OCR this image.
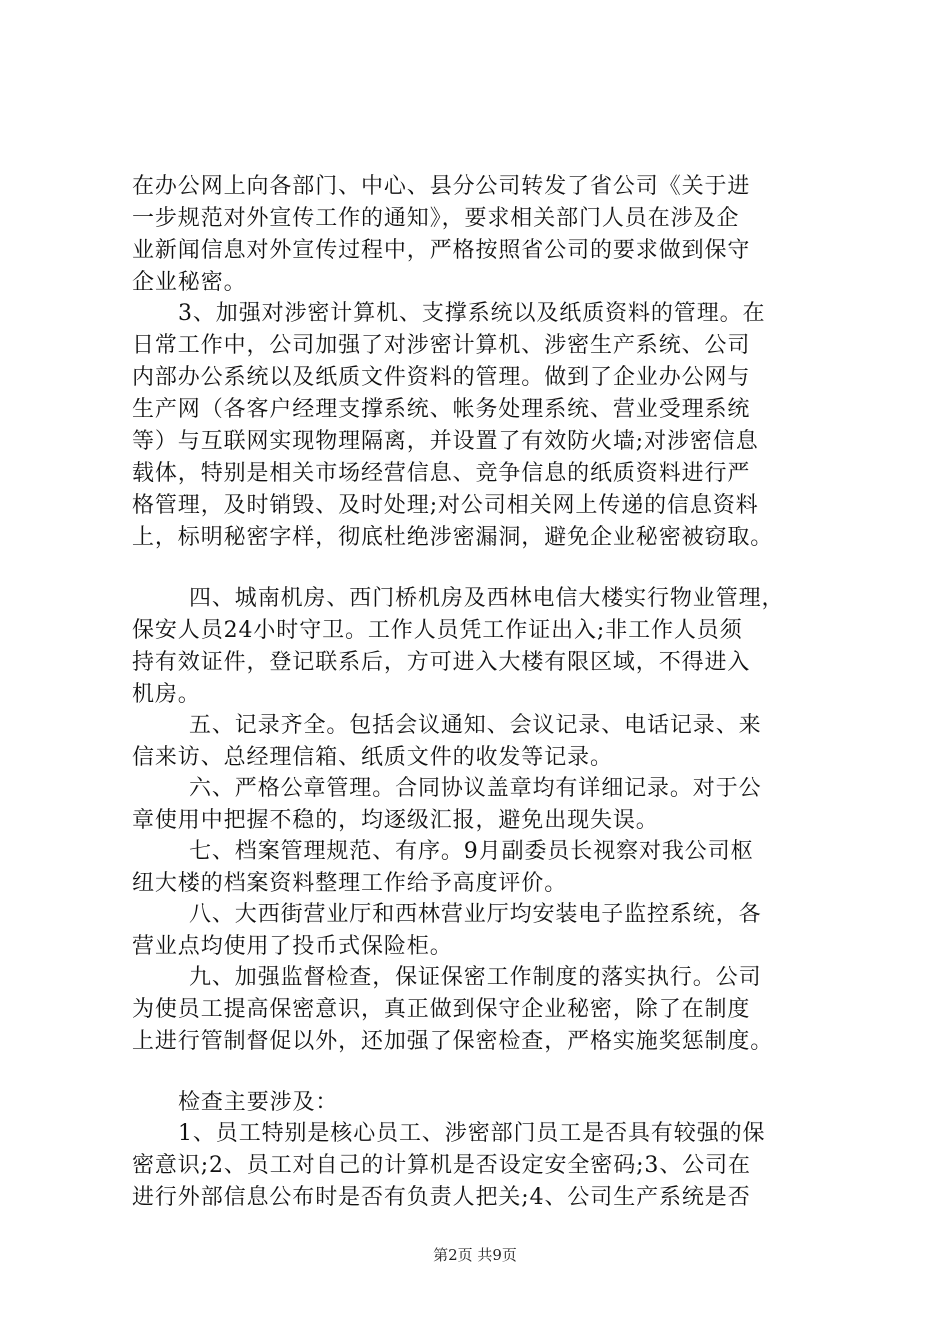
在办公网上向各部门、中心、县分公司转发了省公司《关于进
一步规范对外宣传工作的通知》，要求相关部门人员在涉及企
业新闻信息对外宣传过程中，严格按照省公司的要求做到保守
企业秘密。
3、加强对涉密计算机、支撑系统以及纸质资料的管理。在
日常工作中，公司加强了对涉密计算机、涉密生产系统、公司
内部办公系统以及纸质文件资料的管理。做到了企业办公网与
生产网（各客户经理支撑系统、帐务处理系统、营业受理系统
等）与互联网实现物理隔离，并设置了有效防火墙;对涉密信息
载体，特别是相关市场经营信息、竞争信息的纸质资料进行严
格管理，及时销毁、及时处理;对公司相关网上传递的信息资料
上，标明秘密字样，彻底杜绝涉密漏洞，避免企业秘密被窃取。
四、城南机房、西门桥机房及西林电信大楼实行物业管理，
保安人员24小时守卫。工作人员凭工作证出入;非工作人员须
持有效证件，登记联系后，方可进入大楼有限区域，不得进入
机房。
五、记录齐全。包括会议通知、会议记录、电话记录、来
信来访、总经理信箱、纸质文件的收发等记录。
六、严格公章管理。合同协议盖章均有详细记录。对于公
章使用中把握不稳的，均逐级汇报，避免出现失误。
七、档案管理规范、有序。9月副委员长视察对我公司枢
纽大楼的档案资料整理工作给予高度评价。
八、大西街营业厅和西林营业厅均安装电子监控系统，各
营业点均使用了投币式保险柜。
九、加强监督检查，保证保密工作制度的落实执行。公司
为使员工提高保密意识，真正做到保守企业秘密，除了在制度
上进行管制督促以外，还加强了保密检查，严格实施奖惩制度。
检查主要涉及：
1、员工特别是核心员工、涉密部门员工是否具有较强的保
密意识;2、员工对自己的计算机是否设定安全密码;3、公司在
进行外部信息公布时是否有负责人把关;4、公司生产系统是否
第2页 共9页
